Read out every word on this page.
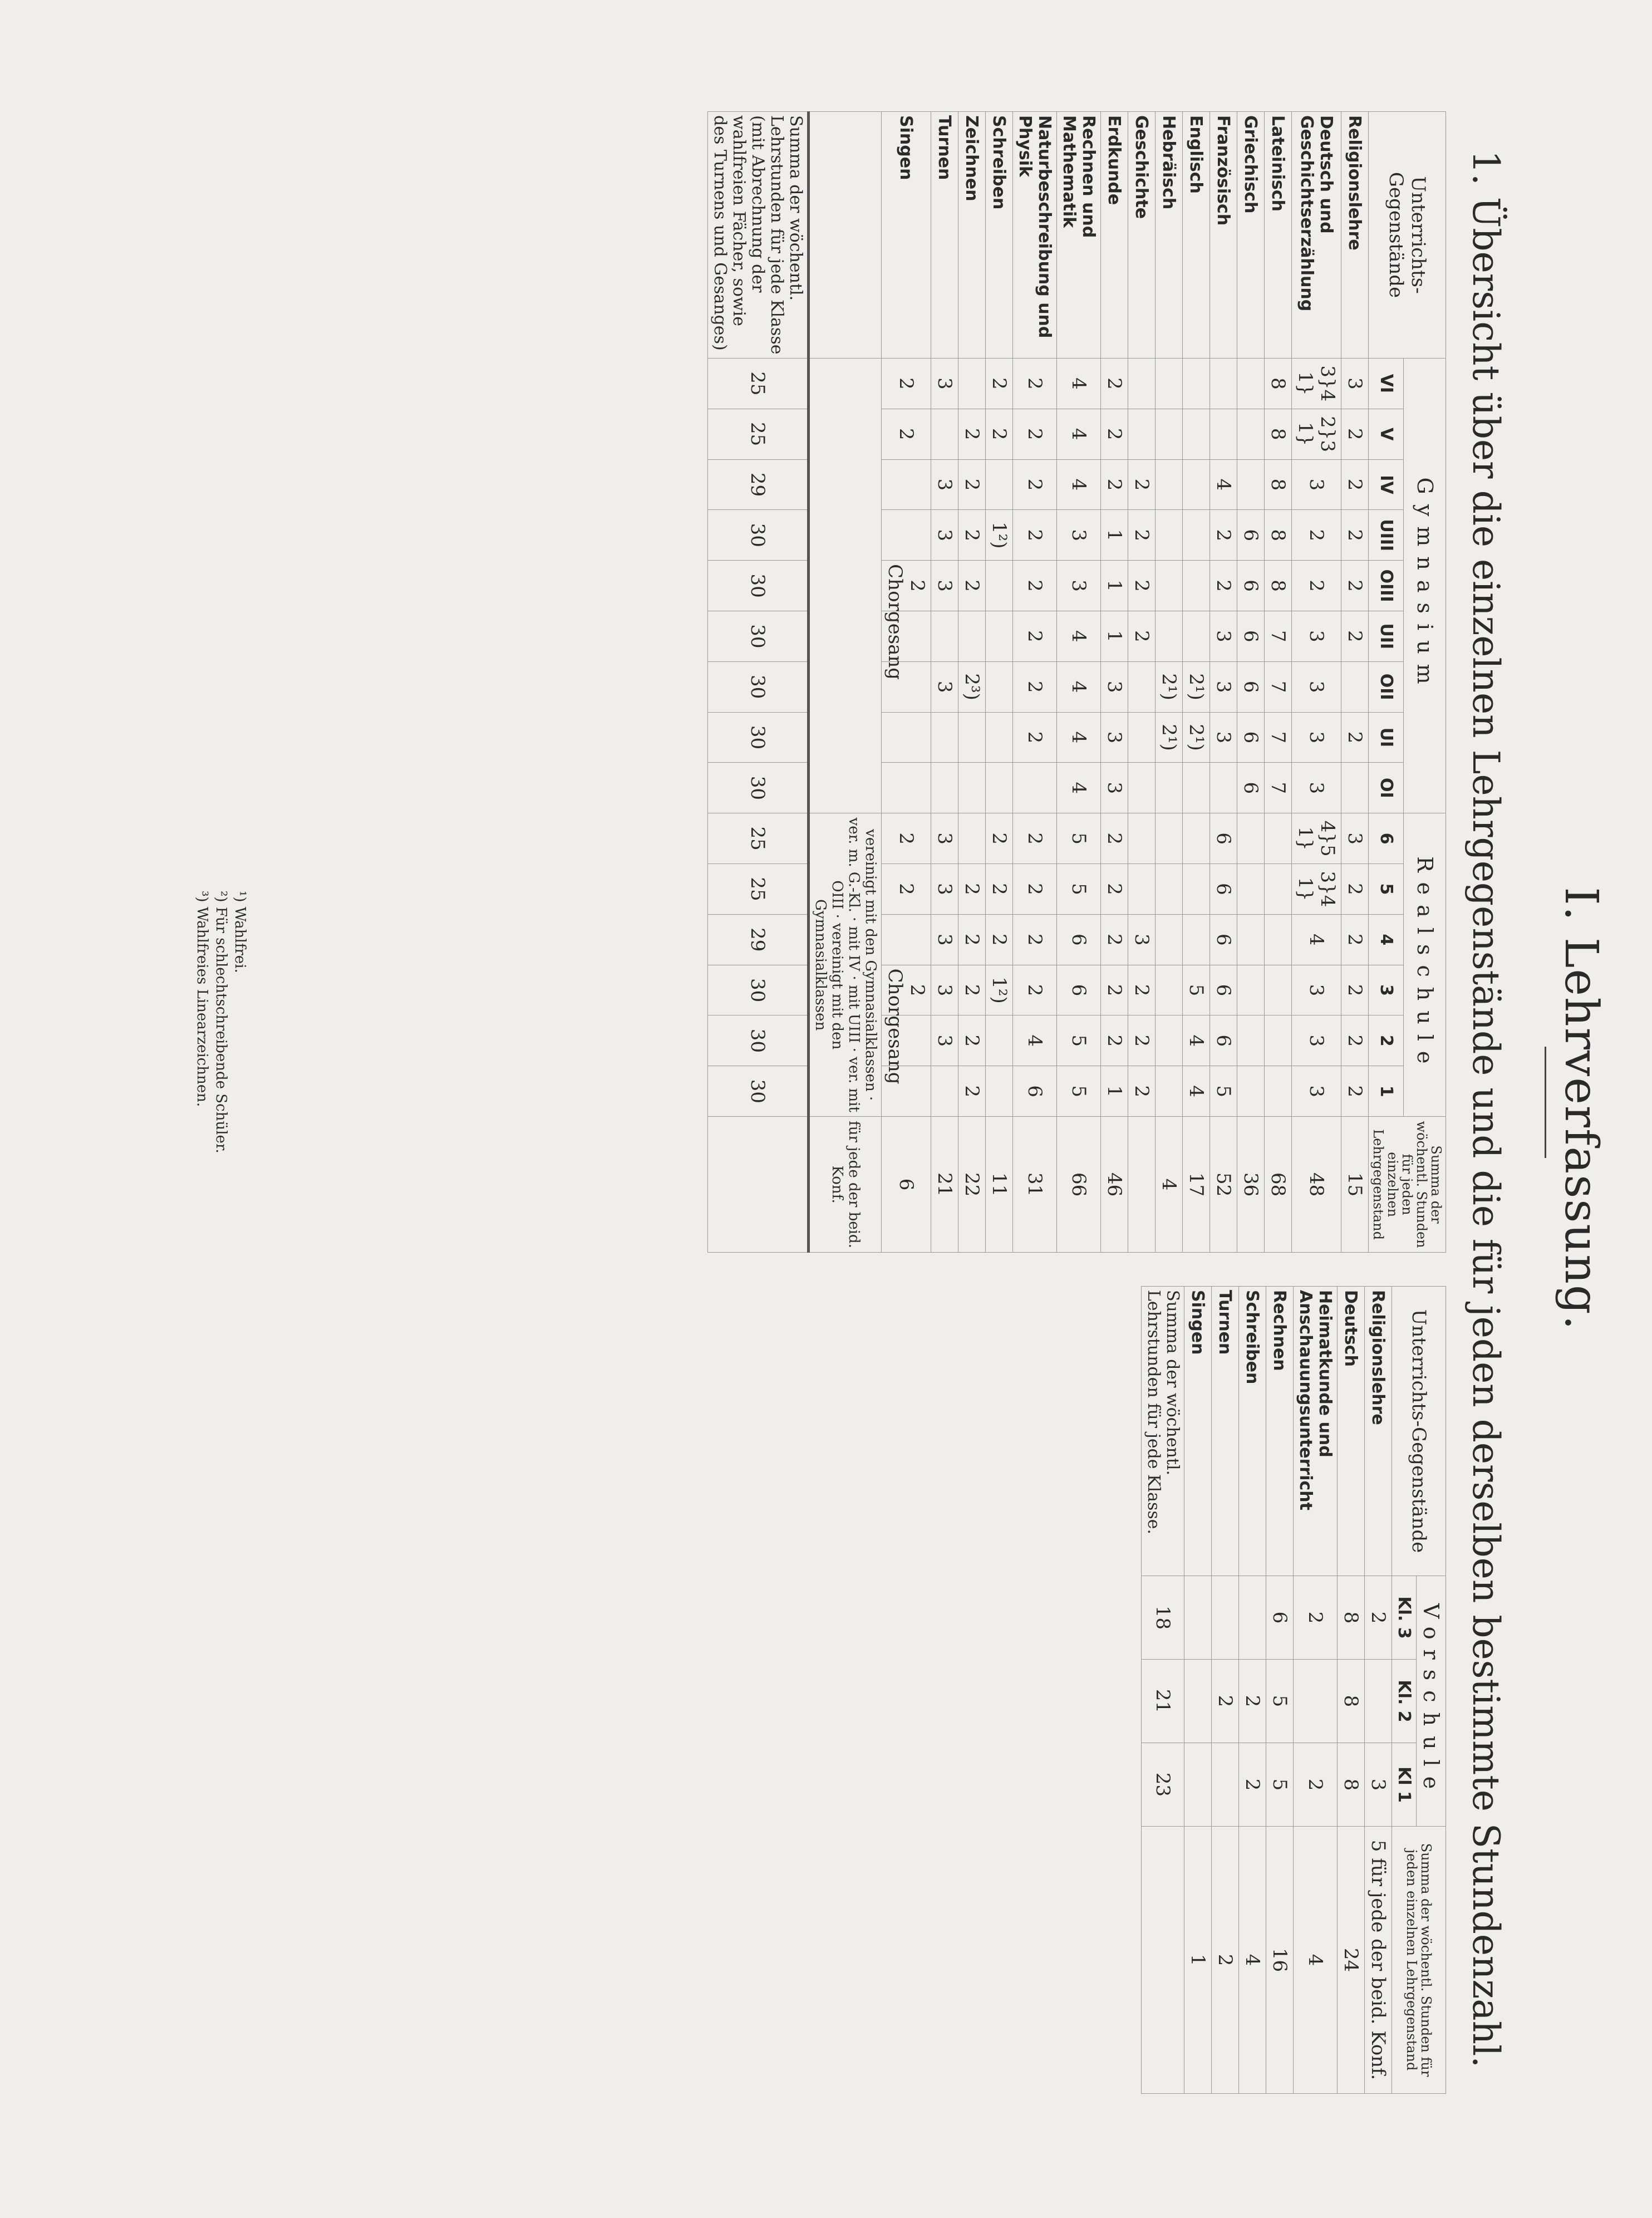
I. Lehrverfassung.
1. Übersicht über die einzelnen Lehrgegenstände und die für jeden derselben bestimmte Stundenzahl.
Unterrichts-Gegenstände	Gymnasium									Realschule						Summa der wöchentl. Stunden für jeden einzelnen Lehrgegenstand
	VI	V	IV	UIII	OIII	UII	OII	UI	OI	6	5	4	3	2	1	
Religionslehre	3	2	2	2	2	2		2		3	2	2	2	2	2	15
Deutsch und Geschichtserzählung	3}4 1}	2}3 1}	3	2	2	3	3	3	3	4}5 1}	3}4 1}	4	3	3	3	48
Lateinisch	8	8	8	8	8	7	7	7	7							68
Griechisch				6	6	6	6	6	6							36
Französisch			4	2	2	3	3	3		6	6	6	6	6	5	52
Englisch							2¹)	2¹)					5	4	4	17
Hebräisch							2¹)	2¹)								4
Geschichte			2	2	2	2						3	2	2	2	
Erdkunde	2	2	2	1	1	1	3	3	3	2	2	2	2	2	1	46
Rechnen und Mathematik	4	4	4	3	3	4	4	4	4	5	5	6	6	5	5	66
Naturbeschreibung und Physik	2	2	2	2	2	2	2	2		2	2	2	2	4	6	31
Schreiben	2	2		1²)						2	2	2	1²)			11
Zeichnen		2	2	2	2		2³)				2	2	2	2	2	22
Turnen	3		3	3	3		3			3	3	3	3	3		21
Singen	2	2			2 Chorgesang					2	2		2 Chorgesang			6
										vereinigt mit den Gymnasialklassen · ver. m. G.-Kl. · mit IV · mit UIII · ver. mit OIII · vereinigt mit den Gymnasialklassen						für jede der beid. Konf.
Summa der wöchentl. Lehrstunden für jede Klasse (mit Abrechnung der wahlfreien Fächer, sowie des Turnens und Gesanges)	25	25	29	30	30	30	30	30	30	25	25	29	30	30	30	
Unterrichts-Gegenstände	Vorschule			Summa der wöchentl. Stunden für jeden einzelnen Lehrgegenstand
	Kl. 3	Kl. 2	Kl 1	
Religionslehre	2		3	5 für jede der beid. Konf.
Deutsch	8	8	8	24
Heimatkunde und Anschauungsunterricht	2		2	4
Rechnen	6	5	5	16
Schreiben		2	2	4
Turnen		2		2
Singen				1
Summa der wöchentl. Lehrstunden für jede Klasse.	18	21	23	
¹) Wahlfrei.
²) Für schlechtschreibende Schüler.
³) Wahlfreies Linearzeichnen.
